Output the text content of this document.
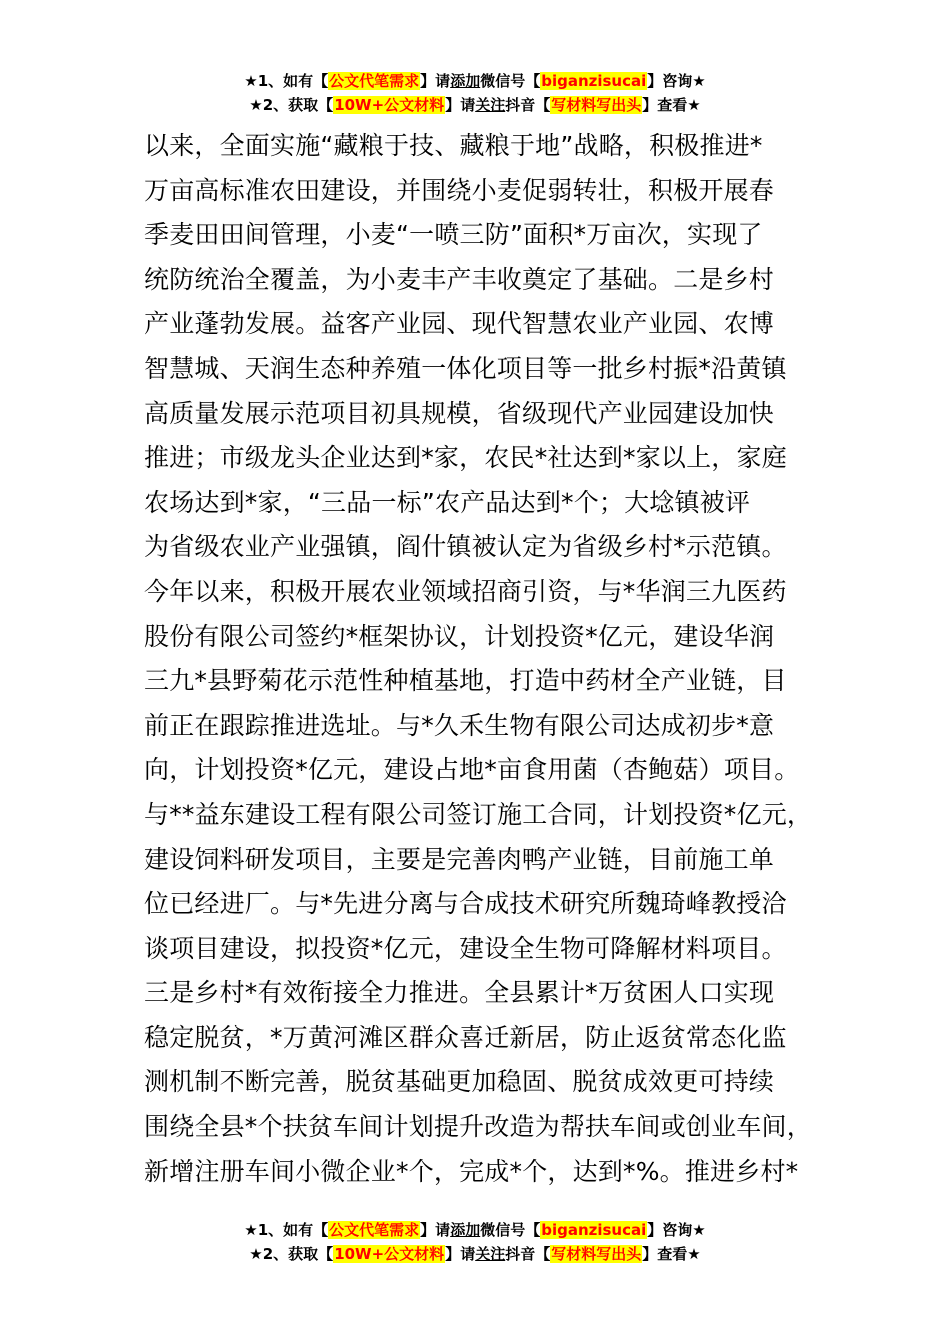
★1、如有【公文代笔需求】请添加微信号【biganzisucai】咨询★
★2、获取【10W+公文材料】请关注抖音【写材料写出头】查看★
以来，全面实施“藏粮于技、藏粮于地”战略，积极推进*
万亩高标准农田建设，并围绕小麦促弱转壮，积极开展春
季麦田田间管理，小麦“一喷三防”面积*万亩次，实现了
统防统治全覆盖，为小麦丰产丰收奠定了基础。二是乡村
产业蓬勃发展。益客产业园、现代智慧农业产业园、农博
智慧城、天润生态种养殖一体化项目等一批乡村振*沿黄镇
高质量发展示范项目初具规模，省级现代产业园建设加快
推进；市级龙头企业达到*家，农民*社达到*家以上，家庭
农场达到*家，“三品一标”农产品达到*个；大埝镇被评
为省级农业产业强镇，阎什镇被认定为省级乡村*示范镇。
今年以来，积极开展农业领域招商引资，与*华润三九医药
股份有限公司签约*框架协议，计划投资*亿元，建设华润
三九*县野菊花示范性种植基地，打造中药材全产业链，目
前正在跟踪推进选址。与*久禾生物有限公司达成初步*意
向，计划投资*亿元，建设占地*亩食用菌（杏鲍菇）项目。
与**益东建设工程有限公司签订施工合同，计划投资*亿元，
建设饲料研发项目，主要是完善肉鸭产业链，目前施工单
位已经进厂。与*先进分离与合成技术研究所魏琦峰教授洽
谈项目建设，拟投资*亿元，建设全生物可降解材料项目。
三是乡村*有效衔接全力推进。全县累计*万贫困人口实现
稳定脱贫，*万黄河滩区群众喜迁新居，防止返贫常态化监
测机制不断完善，脱贫基础更加稳固、脱贫成效更可持续
围绕全县*个扶贫车间计划提升改造为帮扶车间或创业车间，
新增注册车间小微企业*个，完成*个，达到*%。推进乡村*
★1、如有【公文代笔需求】请添加微信号【biganzisucai】咨询★
★2、获取【10W+公文材料】请关注抖音【写材料写出头】查看★
